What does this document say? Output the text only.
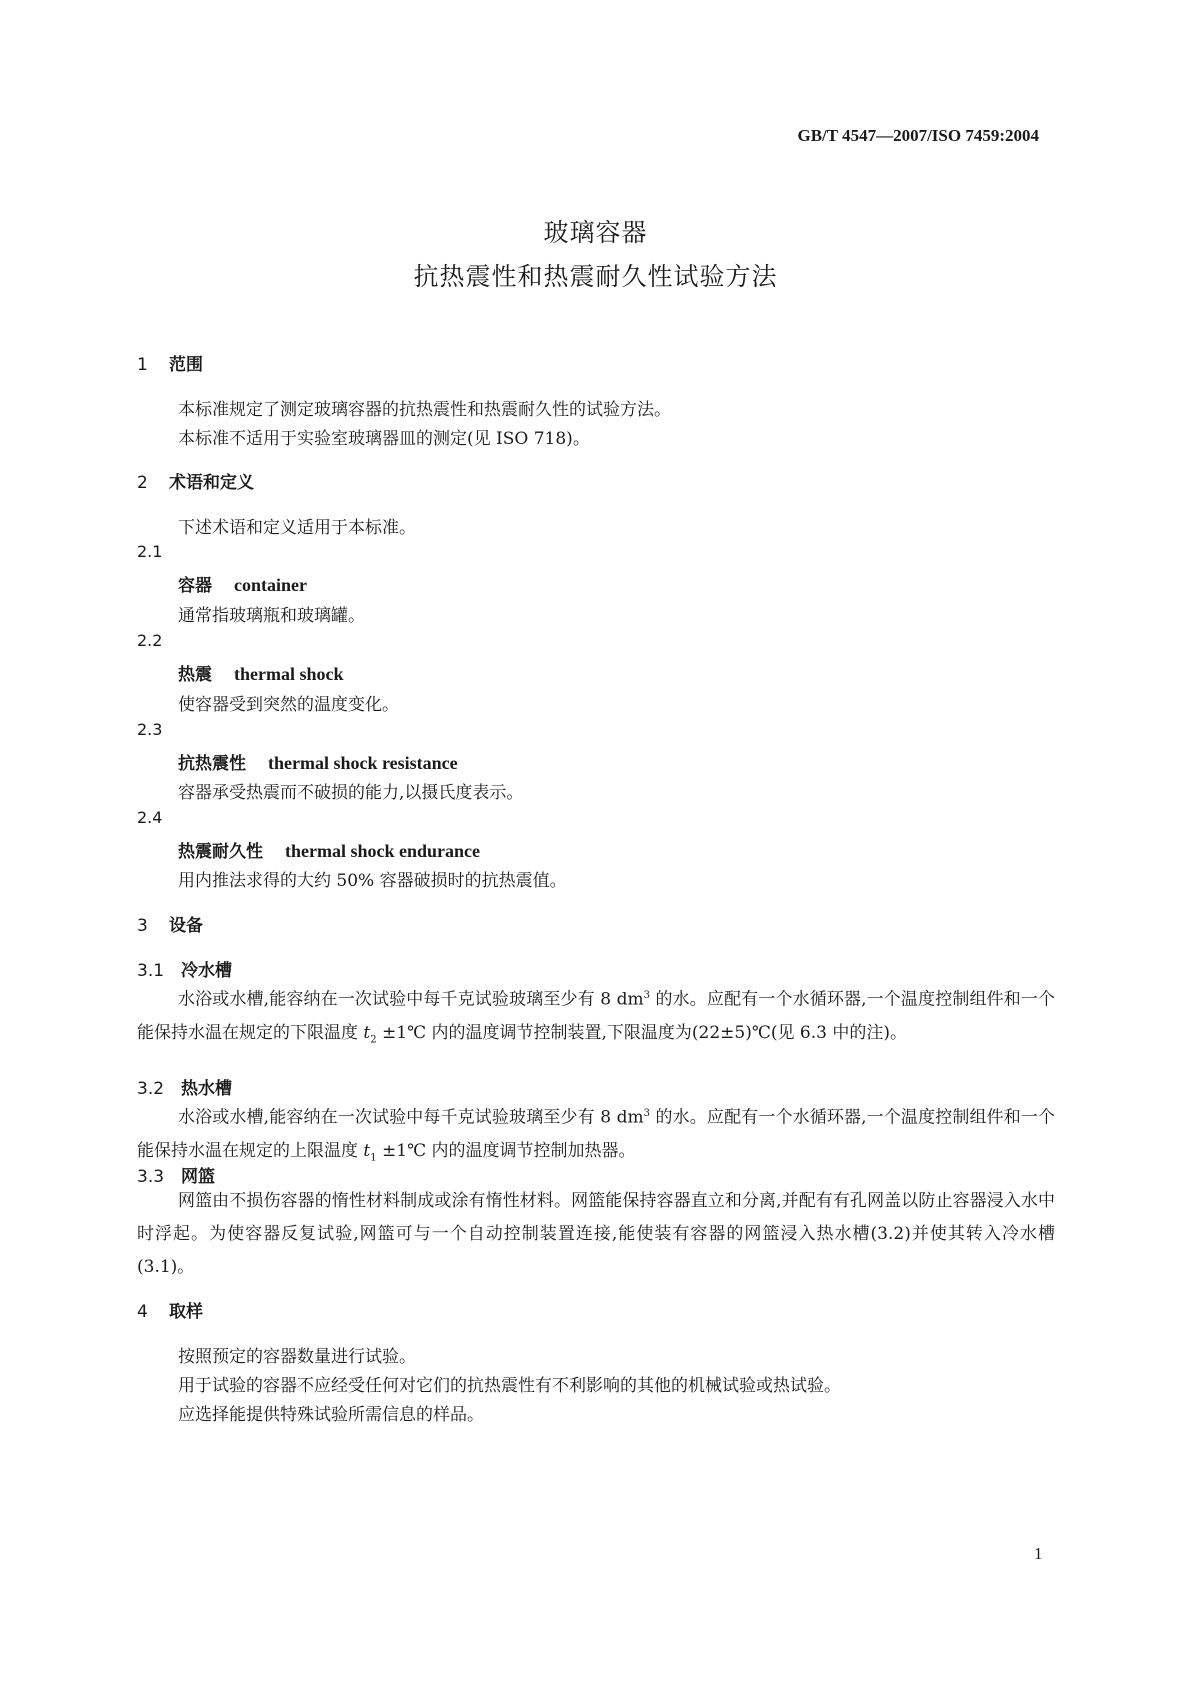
GB/T 4547—2007/ISO 7459:2004
玻璃容器
抗热震性和热震耐久性试验方法
1 范围
本标准规定了测定玻璃容器的抗热震性和热震耐久性的试验方法。
本标准不适用于实验室玻璃器皿的测定(见 ISO 718)。
2 术语和定义
下述术语和定义适用于本标准。
2.1
容器 container
通常指玻璃瓶和玻璃罐。
2.2
热震 thermal shock
使容器受到突然的温度变化。
2.3
抗热震性 thermal shock resistance
容器承受热震而不破损的能力,以摄氏度表示。
2.4
热震耐久性 thermal shock endurance
用内推法求得的大约 50% 容器破损时的抗热震值。
3 设备
3.1 冷水槽
水浴或水槽,能容纳在一次试验中每千克试验玻璃至少有 8 $dm^3$ 的水。应配有一个水循环器,一个温度控制组件和一个能保持水温在规定的下限温度 $t_2$ ±1℃ 内的温度调节控制装置,下限温度为(22±5)℃(见 6.3 中的注)。
3.2 热水槽
水浴或水槽,能容纳在一次试验中每千克试验玻璃至少有 8 $dm^3$ 的水。应配有一个水循环器,一个温度控制组件和一个能保持水温在规定的上限温度 $t_1$ ±1℃ 内的温度调节控制加热器。
3.3 网篮
网篮由不损伤容器的惰性材料制成或涂有惰性材料。网篮能保持容器直立和分离,并配有有孔网盖以防止容器浸入水中时浮起。为使容器反复试验,网篮可与一个自动控制装置连接,能使装有容器的网篮浸入热水槽(3.2)并使其转入冷水槽(3.1)。
4 取样
按照预定的容器数量进行试验。
用于试验的容器不应经受任何对它们的抗热震性有不利影响的其他的机械试验或热试验。
应选择能提供特殊试验所需信息的样品。
1
